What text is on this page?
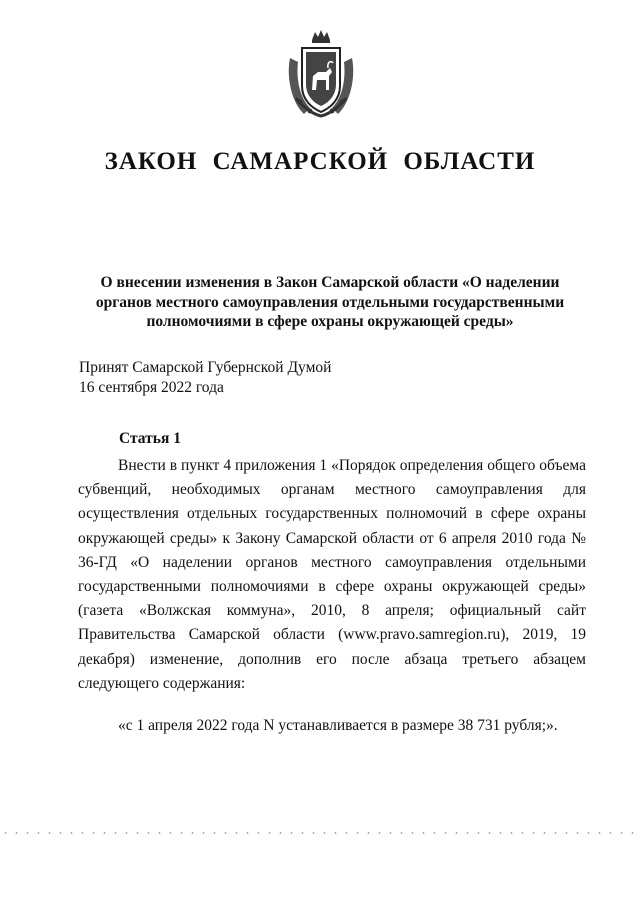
ЗАКОН САМАРСКОЙ ОБЛАСТИ
О внесении изменения в Закон Самарской области «О наделении
органов местного самоуправления отдельными государственными
полномочиями в сфере охраны окружающей среды»
Принят Самарской Губернской Думой
16 сентября 2022 года
Статья 1

Внести в пункт 4 приложения 1 «Порядок определения общего объема субвенций, необходимых органам местного самоуправления для осуществления отдельных государственных полномочий в сфере охраны окружающей среды» к Закону Самарской области от 6 апреля 2010 года № 36-ГД «О наделении органов местного самоуправления отдельными государственными полномочиями в сфере охраны окружающей среды» (газета «Волжская коммуна», 2010, 8 апреля; официальный сайт Правительства Самарской области (www.pravo.samregion.ru), 2019, 19 декабря) изменение, дополнив его после абзаца третьего абзацем следующего содержания:

«с 1 апреля 2022 года N устанавливается в размере 38 731 рубля;».
